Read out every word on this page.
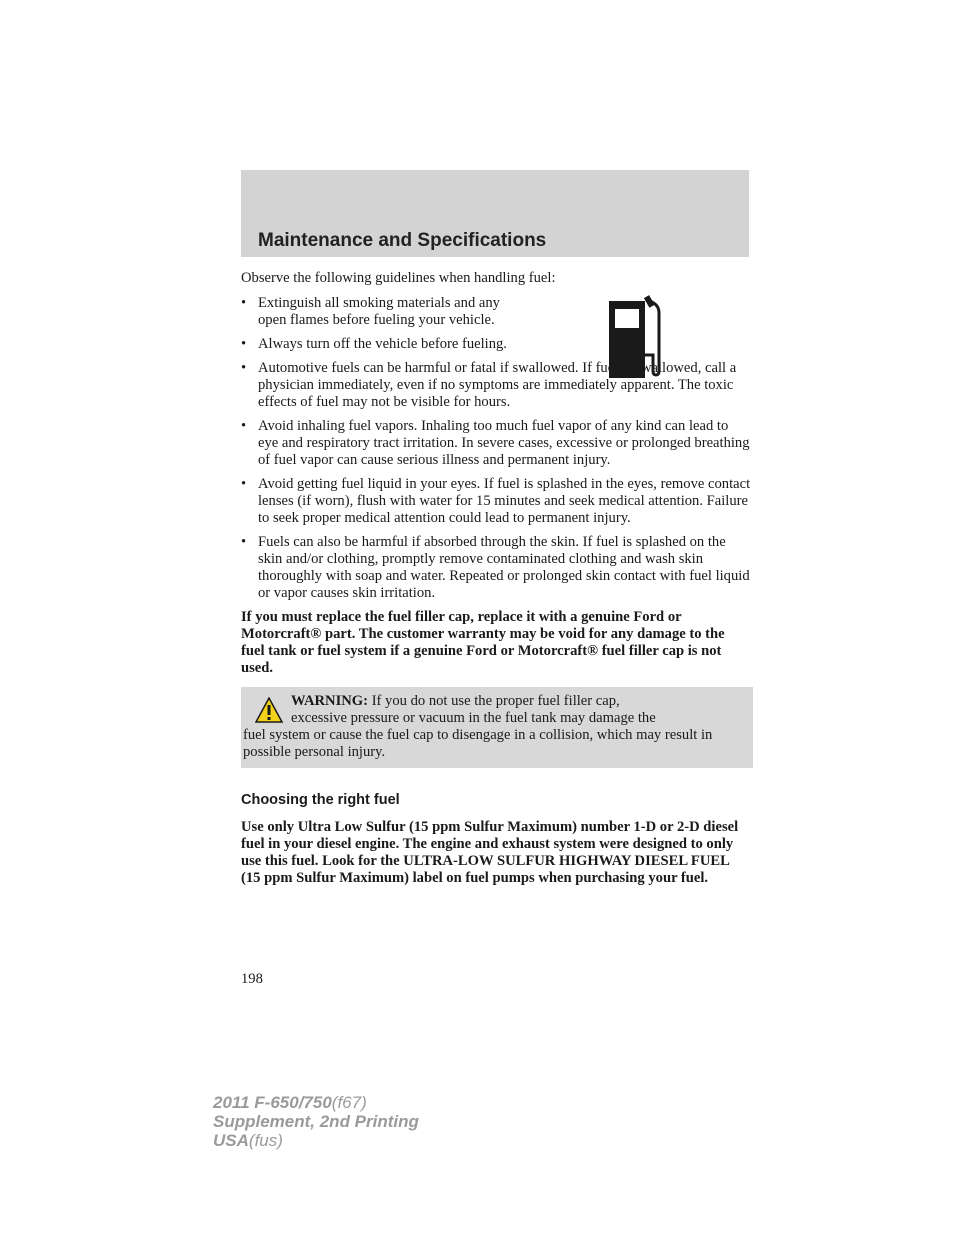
Maintenance and Specifications

Observe the following guidelines when handling fuel:

• Extinguish all smoking materials and any open flames before fueling your vehicle.
• Always turn off the vehicle before fueling.
• Automotive fuels can be harmful or fatal if swallowed. If fuel is swallowed, call a physician immediately, even if no symptoms are immediately apparent. The toxic effects of fuel may not be visible for hours.
• Avoid inhaling fuel vapors. Inhaling too much fuel vapor of any kind can lead to eye and respiratory tract irritation. In severe cases, excessive or prolonged breathing of fuel vapor can cause serious illness and permanent injury.
• Avoid getting fuel liquid in your eyes. If fuel is splashed in the eyes, remove contact lenses (if worn), flush with water for 15 minutes and seek medical attention. Failure to seek proper medical attention could lead to permanent injury.
• Fuels can also be harmful if absorbed through the skin. If fuel is splashed on the skin and/or clothing, promptly remove contaminated clothing and wash skin thoroughly with soap and water. Repeated or prolonged skin contact with fuel liquid or vapor causes skin irritation.

If you must replace the fuel filler cap, replace it with a genuine Ford or Motorcraft® part. The customer warranty may be void for any damage to the fuel tank or fuel system if a genuine Ford or Motorcraft® fuel filler cap is not used.

WARNING: If you do not use the proper fuel filler cap,
excessive pressure or vacuum in the fuel tank may damage the
fuel system or cause the fuel cap to disengage in a collision, which may result in possible personal injury.
Choosing the right fuel

Use only Ultra Low Sulfur (15 ppm Sulfur Maximum) number 1-D or 2-D diesel fuel in your diesel engine. The engine and exhaust system were designed to only use this fuel. Look for the ULTRA-LOW SULFUR HIGHWAY DIESEL FUEL (15 ppm Sulfur Maximum) label on fuel pumps when purchasing your fuel.

198
2011 F-650/750(f67)
Supplement, 2nd Printing
USA(fus)
